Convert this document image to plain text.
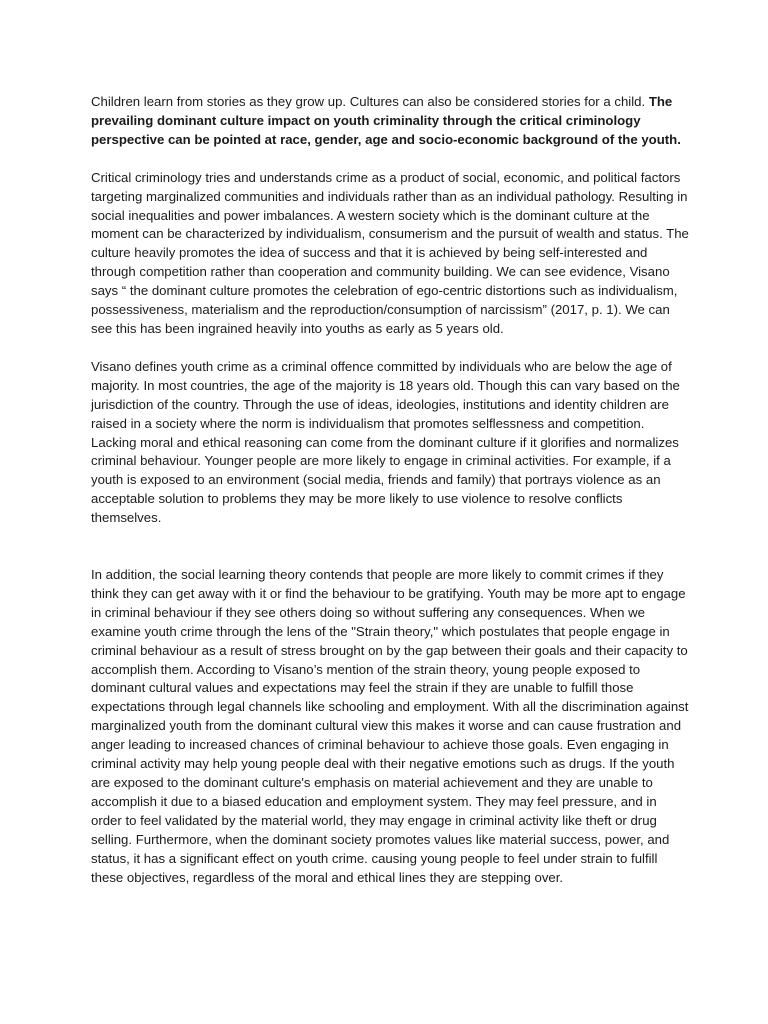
Children learn from stories as they grow up. Cultures can also be considered stories for a child. The prevailing dominant culture impact on youth criminality through the critical criminology perspective can be pointed at race, gender, age and socio-economic background of the youth.

Critical criminology tries and understands crime as a product of social, economic, and political factors targeting marginalized communities and individuals rather than as an individual pathology. Resulting in social inequalities and power imbalances. A western society which is the dominant culture at the moment can be characterized by individualism, consumerism and the pursuit of wealth and status. The culture heavily promotes the idea of success and that it is achieved by being self-interested and through competition rather than cooperation and community building. We can see evidence, Visano says “ the dominant culture promotes the celebration of ego-centric distortions such as individualism, possessiveness, materialism and the reproduction/consumption of narcissism” (2017, p. 1). We can see this has been ingrained heavily into youths as early as 5 years old.

Visano defines youth crime as a criminal offence committed by individuals who are below the age of majority. In most countries, the age of the majority is 18 years old. Though this can vary based on the jurisdiction of the country. Through the use of ideas, ideologies, institutions and identity children are raised in a society where the norm is individualism that promotes selflessness and competition. Lacking moral and ethical reasoning can come from the dominant culture if it glorifies and normalizes criminal behaviour. Younger people are more likely to engage in criminal activities. For example, if a youth is exposed to an environment (social media, friends and family) that portrays violence as an acceptable solution to problems they may be more likely to use violence to resolve conflicts themselves.

In addition, the social learning theory contends that people are more likely to commit crimes if they think they can get away with it or find the behaviour to be gratifying. Youth may be more apt to engage in criminal behaviour if they see others doing so without suffering any consequences. When we examine youth crime through the lens of the "Strain theory," which postulates that people engage in criminal behaviour as a result of stress brought on by the gap between their goals and their capacity to accomplish them. According to Visano’s mention of the strain theory, young people exposed to dominant cultural values and expectations may feel the strain if they are unable to fulfill those expectations through legal channels like schooling and employment. With all the discrimination against marginalized youth from the dominant cultural view this makes it worse and can cause frustration and anger leading to increased chances of criminal behaviour to achieve those goals. Even engaging in criminal activity may help young people deal with their negative emotions such as drugs. If the youth are exposed to the dominant culture's emphasis on material achievement and they are unable to accomplish it due to a biased education and employment system. They may feel pressure, and in order to feel validated by the material world, they may engage in criminal activity like theft or drug selling. Furthermore, when the dominant society promotes values like material success, power, and status, it has a significant effect on youth crime. causing young people to feel under strain to fulfill these objectives, regardless of the moral and ethical lines they are stepping over.
